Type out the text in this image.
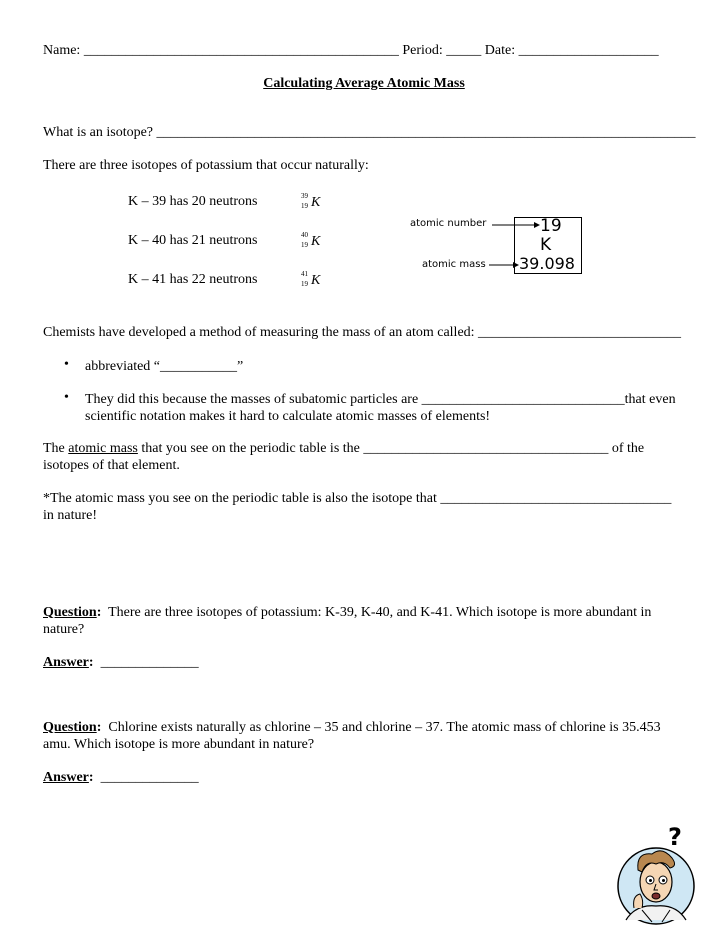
Name: _____________________________________________ Period: _____ Date: ____________________
Calculating Average Atomic Mass
What is an isotope? _____________________________________________________________________________
There are three isotopes of potassium that occur naturally:
K – 39 has 20 neutrons	39
19 K
K – 40 has 21 neutrons	40
19 K
K – 41 has 22 neutrons	41
19 K
atomic number
atomic mass
19
K
39.098
Chemists have developed a method of measuring the mass of an atom called: _____________________________
• abbreviated “___________”
• They did this because the masses of subatomic particles are _____________________________that even
scientific notation makes it hard to calculate atomic masses of elements!
The atomic mass that you see on the periodic table is the ___________________________________ of the
isotopes of that element.
*The atomic mass you see on the periodic table is also the isotope that _________________________________
in nature!
Question: There are three isotopes of potassium: K-39, K-40, and K-41. Which isotope is more abundant in
nature?
Answer: ______________
Question: Chlorine exists naturally as chlorine – 35 and chlorine – 37. The atomic mass of chlorine is 35.453
amu. Which isotope is more abundant in nature?
Answer: ______________
?
